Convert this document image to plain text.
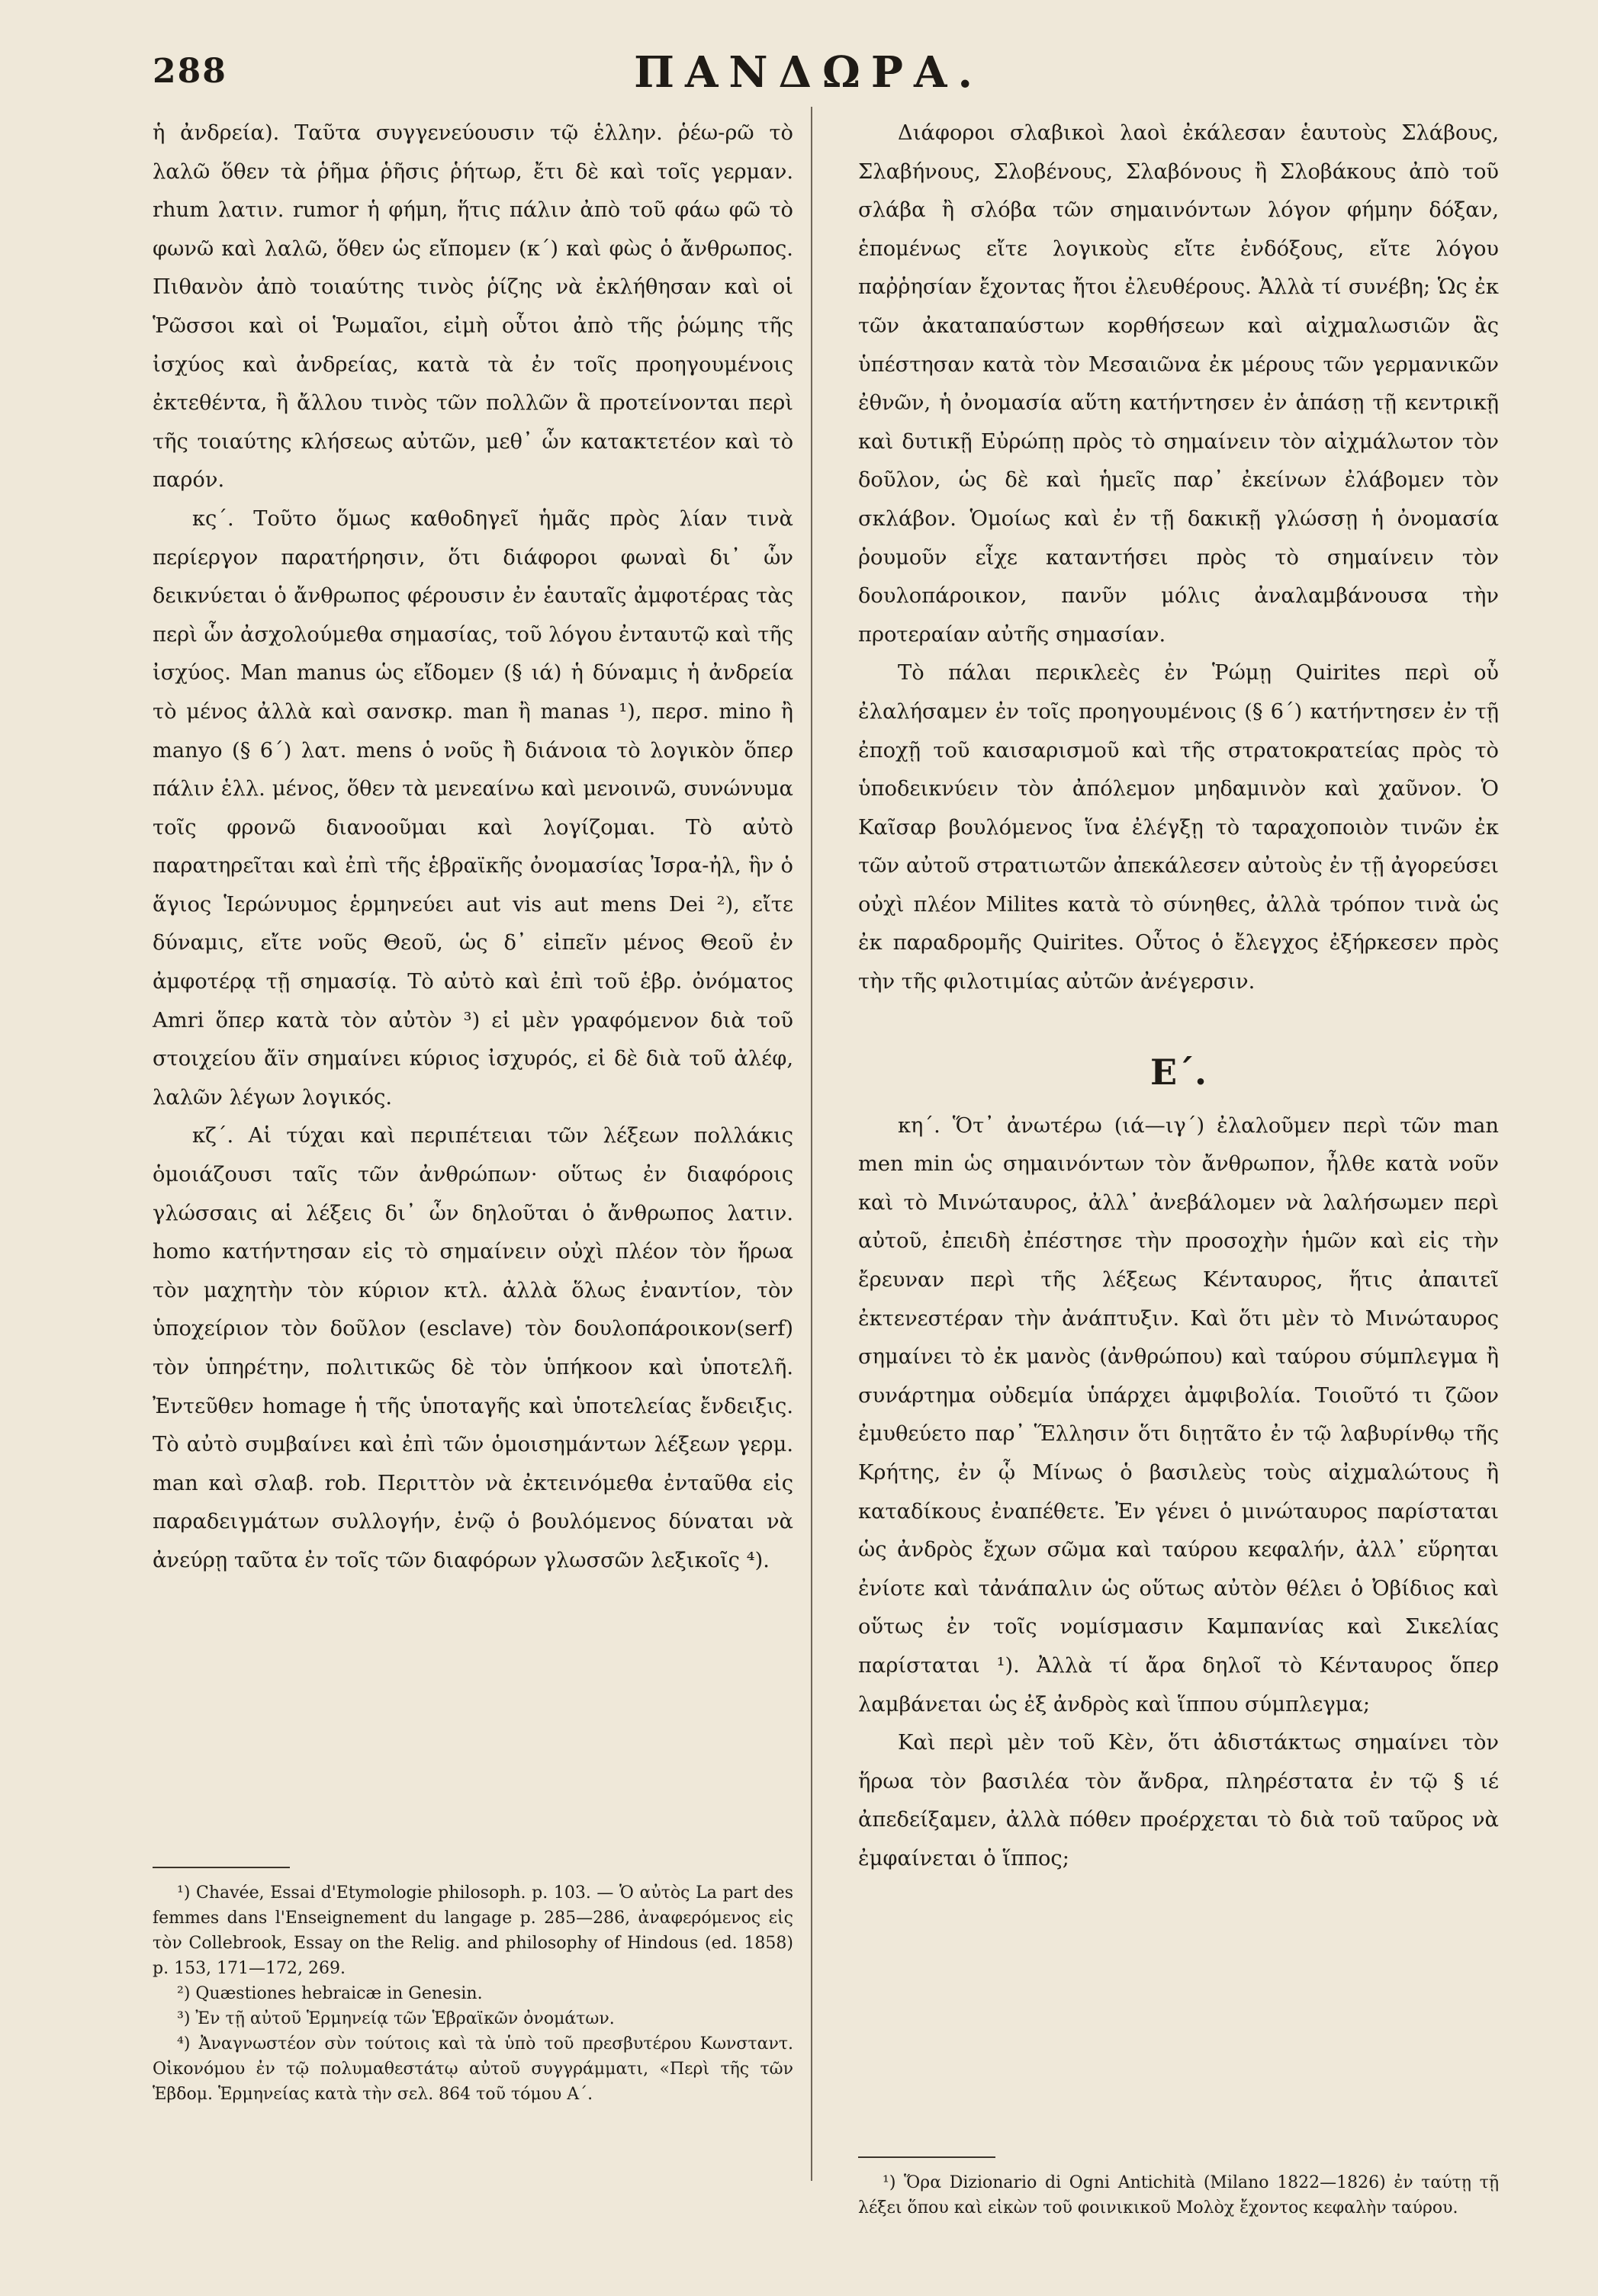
288	ΠΑΝΔΩΡΑ.

ἡ ἀνδρεία). Ταῦτα συγγενεύουσιν τῷ ἑλλην. ῥέω-ρῶ τὸ λαλῶ ὅθεν τὰ ῥῆμα ῥῆσις ῥήτωρ, ἔτι δὲ καὶ τοῖς γερμαν. rhum λατιν. rumor ἡ φήμη, ἥτις πάλιν ἀπὸ τοῦ φάω φῶ τὸ φωνῶ καὶ λαλῶ, ὅθεν ὡς εἴπομεν (κ´) καὶ φὼς ὁ ἄνθρωπος. Πιθανὸν ἀπὸ τοιαύτης τινὸς ῥίζης νὰ ἐκλήθησαν καὶ οἱ Ῥῶσσοι καὶ οἱ Ῥωμαῖοι, εἰμὴ οὗτοι ἀπὸ τῆς ῥώμης τῆς ἰσχύος καὶ ἀνδρείας, κατὰ τὰ ἐν τοῖς προηγουμένοις ἐκτεθέντα, ἢ ἄλλου τινὸς τῶν πολλῶν ἃ προτείνονται περὶ τῆς τοιαύτης κλήσεως αὐτῶν, μεθ᾽ ὧν κατακτετέον καὶ τὸ παρόν.

κς´. Τοῦτο ὅμως καθοδηγεῖ ἡμᾶς πρὸς λίαν τινὰ περίεργον παρατήρησιν, ὅτι διάφοροι φωναὶ δι᾽ ὧν δεικνύεται ὁ ἄνθρωπος φέρουσιν ἐν ἑαυταῖς ἀμφοτέρας τὰς περὶ ὧν ἀσχολούμεθα σημασίας, τοῦ λόγου ἐνταυτῷ καὶ τῆς ἰσχύος. Man manus ὡς εἴδομεν (§ ιά) ἡ δύναμις ἡ ἀνδρεία τὸ μένος ἀλλὰ καὶ σανσκρ. man ἢ manas ¹), περσ. mino ἢ manyo (§ 6´) λατ. mens ὁ νοῦς ἢ διάνοια τὸ λογικὸν ὅπερ πάλιν ἑλλ. μένος, ὅθεν τὰ μενεαίνω καὶ μενοινῶ, συνώνυμα τοῖς φρονῶ διανοοῦμαι καὶ λογίζομαι. Τὸ αὐτὸ παρατηρεῖται καὶ ἐπὶ τῆς ἑβραϊκῆς ὀνομασίας Ἰσρα-ἠλ, ἣν ὁ ἅγιος Ἱερώνυμος ἑρμηνεύει aut vis aut mens Dei ²), εἴτε δύναμις, εἴτε νοῦς Θεοῦ, ὡς δ᾽ εἰπεῖν μένος Θεοῦ ἐν ἀμφοτέρᾳ τῇ σημασίᾳ. Τὸ αὐτὸ καὶ ἐπὶ τοῦ ἑβρ. ὀνόματος Amri ὅπερ κατὰ τὸν αὐτὸν ³) εἰ μὲν γραφόμενον διὰ τοῦ στοιχείου ἄϊν σημαίνει κύριος ἰσχυρός, εἰ δὲ διὰ τοῦ ἀλέφ, λαλῶν λέγων λογικός.

κζ´. Αἱ τύχαι καὶ περιπέτειαι τῶν λέξεων πολλάκις ὁμοιάζουσι ταῖς τῶν ἀνθρώπων· οὕτως ἐν διαφόροις γλώσσαις αἱ λέξεις δι᾽ ὧν δηλοῦται ὁ ἄνθρωπος λατιν. homo κατήντησαν εἰς τὸ σημαίνειν οὐχὶ πλέον τὸν ἥρωα τὸν μαχητὴν τὸν κύριον κτλ. ἀλλὰ ὅλως ἐναντίον, τὸν ὑποχείριον τὸν δοῦλον (esclave) τὸν δουλοπάροικον(serf) τὸν ὑπηρέτην, πολιτικῶς δὲ τὸν ὑπήκοον καὶ ὑποτελῆ. Ἐντεῦθεν homage ἡ τῆς ὑποταγῆς καὶ ὑποτελείας ἔνδειξις. Τὸ αὐτὸ συμβαίνει καὶ ἐπὶ τῶν ὁμοισημάντων λέξεων γερμ. man καὶ σλαβ. rob. Περιττὸν νὰ ἐκτεινόμεθα ἐνταῦθα εἰς παραδειγμάτων συλλογήν, ἐνῷ ὁ βουλόμενος δύναται νὰ ἀνεύρῃ ταῦτα ἐν τοῖς τῶν διαφόρων γλωσσῶν λεξικοῖς ⁴).

¹) Chavée, Essai d'Etymologie philosoph. p. 103. — Ὁ αὐτὸς La part des femmes dans l'Enseignement du langage p. 285—286, ἀναφερόμενος εἰς τὸν Collebrook, Essay on the Relig. and philosophy of Hindous (ed. 1858) p. 153, 171—172, 269.

²) Quæstiones hebraicæ in Genesin.

³) Ἐν τῇ αὐτοῦ Ἑρμηνείᾳ τῶν Ἑβραϊκῶν ὀνομάτων.

⁴) Ἀναγνωστέον σὺν τούτοις καὶ τὰ ὑπὸ τοῦ πρεσβυτέρου Κωνσταντ. Οἰκονόμου ἐν τῷ πολυμαθεστάτῳ αὐτοῦ συγγράμματι, «Περὶ τῆς τῶν Ἑβδομ. Ἑρμηνείας κατὰ τὴν σελ. 864 τοῦ τόμου Α´.

Διάφοροι σλαβικοὶ λαοὶ ἐκάλεσαν ἑαυτοὺς Σλάβους, Σλαβήνους, Σλοβένους, Σλαβόνους ἢ Σλοβάκους ἀπὸ τοῦ σλάβα ἢ σλόβα τῶν σημαινόντων λόγον φήμην δόξαν, ἑπομένως εἴτε λογικοὺς εἴτε ἐνδόξους, εἴτε λόγου παῤῥησίαν ἔχοντας ἤτοι ἐλευθέρους. Ἀλλὰ τί συνέβη; Ὡς ἐκ τῶν ἀκαταπαύστων κορθήσεων καὶ αἰχμαλωσιῶν ἃς ὑπέστησαν κατὰ τὸν Μεσαιῶνα ἐκ μέρους τῶν γερμανικῶν ἐθνῶν, ἡ ὀνομασία αὕτη κατήντησεν ἐν ἁπάσῃ τῇ κεντρικῇ καὶ δυτικῇ Εὐρώπῃ πρὸς τὸ σημαίνειν τὸν αἰχμάλωτον τὸν δοῦλον, ὡς δὲ καὶ ἡμεῖς παρ᾽ ἐκείνων ἐλάβομεν τὸν σκλάβον. Ὁμοίως καὶ ἐν τῇ δακικῇ γλώσσῃ ἡ ὀνομασία ῥουμοῦν εἶχε καταντήσει πρὸς τὸ σημαίνειν τὸν δουλοπάροικον, πανῦν μόλις ἀναλαμβάνουσα τὴν προτεραίαν αὐτῆς σημασίαν.

Τὸ πάλαι περικλεὲς ἐν Ῥώμῃ Quirites περὶ οὗ ἐλαλήσαμεν ἐν τοῖς προηγουμένοις (§ 6´) κατήντησεν ἐν τῇ ἐποχῇ τοῦ καισαρισμοῦ καὶ τῆς στρατοκρατείας πρὸς τὸ ὑποδεικνύειν τὸν ἀπόλεμον μηδαμινὸν καὶ χαῦνον. Ὁ Καῖσαρ βουλόμενος ἵνα ἐλέγξῃ τὸ ταραχοποιὸν τινῶν ἐκ τῶν αὐτοῦ στρατιωτῶν ἀπεκάλεσεν αὐτοὺς ἐν τῇ ἀγορεύσει οὐχὶ πλέον Milites κατὰ τὸ σύνηθες, ἀλλὰ τρόπον τινὰ ὡς ἐκ παραδρομῆς Quirites. Οὗτος ὁ ἔλεγχος ἐξήρκεσεν πρὸς τὴν τῆς φιλοτιμίας αὐτῶν ἀνέγερσιν.

Ε´.

κη´. Ὅτ᾽ ἀνωτέρω (ιά—ιγ´) ἐλαλοῦμεν περὶ τῶν man men min ὡς σημαινόντων τὸν ἄνθρωπον, ἦλθε κατὰ νοῦν καὶ τὸ Μινώταυρος, ἀλλ᾽ ἀνεβάλομεν νὰ λαλήσωμεν περὶ αὐτοῦ, ἐπειδὴ ἐπέστησε τὴν προσοχὴν ἡμῶν καὶ εἰς τὴν ἔρευναν περὶ τῆς λέξεως Κένταυρος, ἥτις ἀπαιτεῖ ἐκτενεστέραν τὴν ἀνάπτυξιν. Καὶ ὅτι μὲν τὸ Μινώταυρος σημαίνει τὸ ἐκ μανὸς (ἀνθρώπου) καὶ ταύρου σύμπλεγμα ἢ συνάρτημα οὐδεμία ὑπάρχει ἀμφιβολία. Τοιοῦτό τι ζῶον ἐμυθεύετο παρ᾽ Ἕλλησιν ὅτι διῃτᾶτο ἐν τῷ λαβυρίνθῳ τῆς Κρήτης, ἐν ᾧ Μίνως ὁ βασιλεὺς τοὺς αἰχμαλώτους ἢ καταδίκους ἐναπέθετε. Ἐν γένει ὁ μινώταυρος παρίσταται ὡς ἀνδρὸς ἔχων σῶμα καὶ ταύρου κεφαλήν, ἀλλ᾽ εὕρηται ἐνίοτε καὶ τἀνάπαλιν ὡς οὕτως αὐτὸν θέλει ὁ Ὀβίδιος καὶ οὕτως ἐν τοῖς νομίσμασιν Καμπανίας καὶ Σικελίας παρίσταται ¹). Ἀλλὰ τί ἄρα δηλοῖ τὸ Κένταυρος ὅπερ λαμβάνεται ὡς ἐξ ἀνδρὸς καὶ ἵππου σύμπλεγμα;

Καὶ περὶ μὲν τοῦ Κὲν, ὅτι ἀδιστάκτως σημαίνει τὸν ἥρωα τὸν βασιλέα τὸν ἄνδρα, πληρέστατα ἐν τῷ § ιέ ἀπεδείξαμεν, ἀλλὰ πόθεν προέρχεται τὸ διὰ τοῦ ταῦρος νὰ ἐμφαίνεται ὁ ἵππος;

¹) Ὅρα Dizionario di Ogni Antichità (Milano 1822—1826) ἐν ταύτῃ τῇ λέξει ὅπου καὶ εἰκὼν τοῦ φοινικικοῦ Μολὸχ ἔχοντος κεφαλὴν ταύρου.
